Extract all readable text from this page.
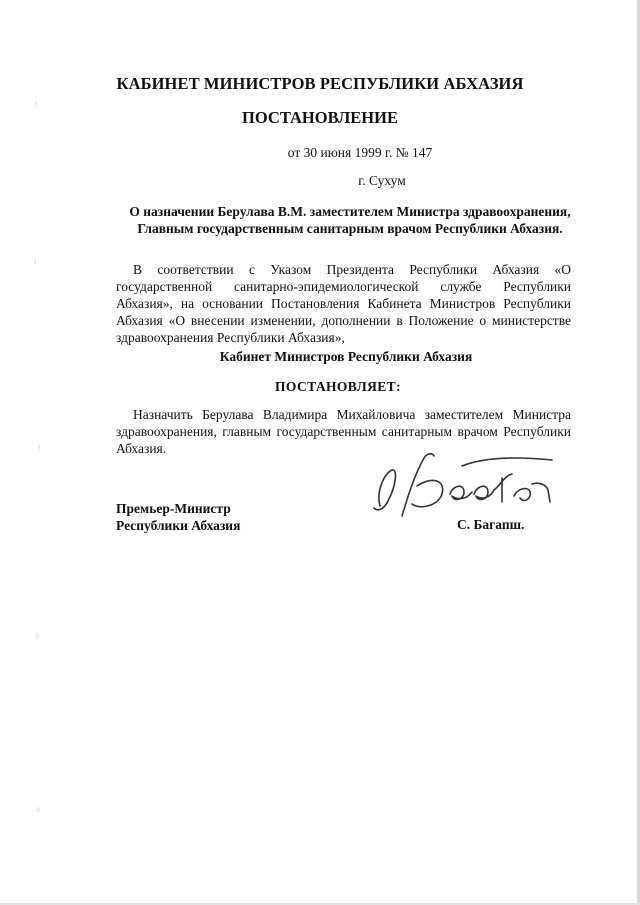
⁝
⁝
⁝
⁝
⁝
КАБИНЕТ МИНИСТРОВ РЕСПУБЛИКИ АБХАЗИЯ
ПОСТАНОВЛЕНИЕ
от 30 июня 1999 г. № 147
г. Сухум
О назначении Берулава В.М. заместителем Министра здравоохранения,
Главным государственным санитарным врачом Республики Абхазия.

В соответствии с Указом Президента Республики Абхазия «О государственной санитарно-эпидемиологической службе Республики Абхазия», на основании Постановления Кабинета Министров Республики Абхазия «О внесении изменении, дополнении в Положение о министерстве здравоохранения Республики Абхазия»,

Кабинет Министров Республики Абхазия
ПОСТАНОВЛЯЕТ:

Назначить Берулава Владимира Михайловича заместителем Министра здравоохранения, главным государственным санитарным врачом Республики Абхазия.

Премьер-Министр
Республики Абхазия	С. Багапш.
